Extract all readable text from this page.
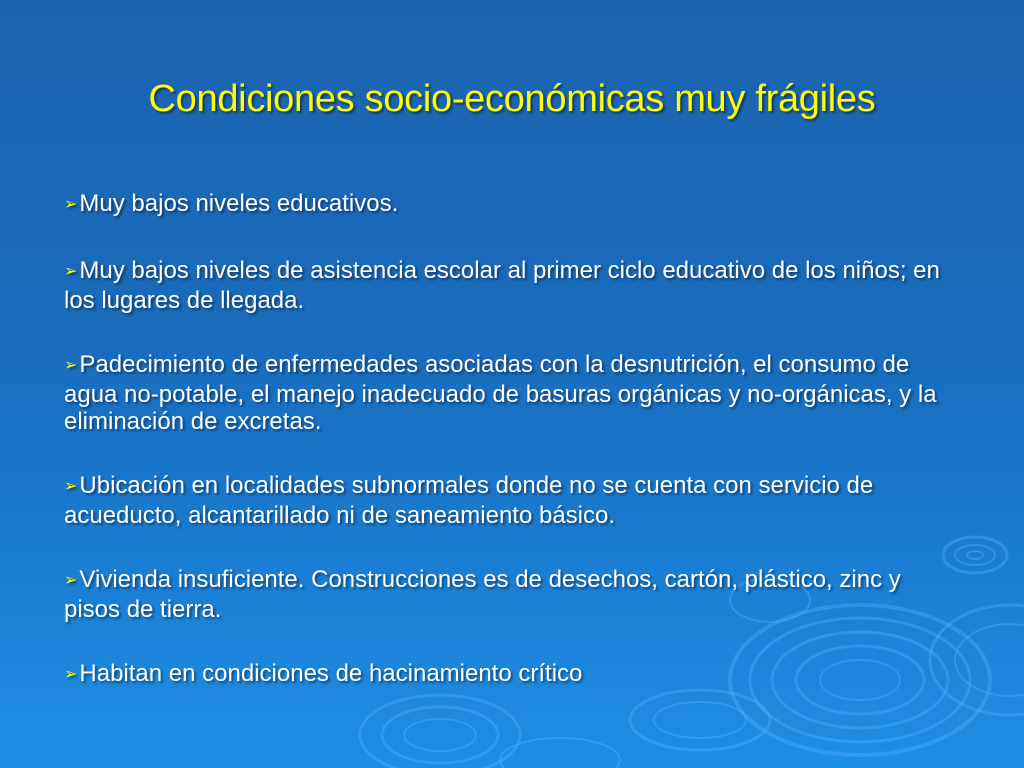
Condiciones socio-económicas muy frágiles
➢Muy bajos niveles educativos.
➢Muy bajos niveles de asistencia escolar al primer ciclo educativo de los niños; en los lugares de llegada.
➢Padecimiento de enfermedades asociadas con la desnutrición, el consumo de agua no-potable, el manejo inadecuado de basuras orgánicas y no-orgánicas, y la eliminación de excretas.
➢Ubicación en localidades subnormales donde no se cuenta con servicio de acueducto, alcantarillado ni de saneamiento básico.
➢Vivienda insuficiente. Construcciones es de desechos, cartón, plástico, zinc y pisos de tierra.
➢Habitan en condiciones de hacinamiento crítico
